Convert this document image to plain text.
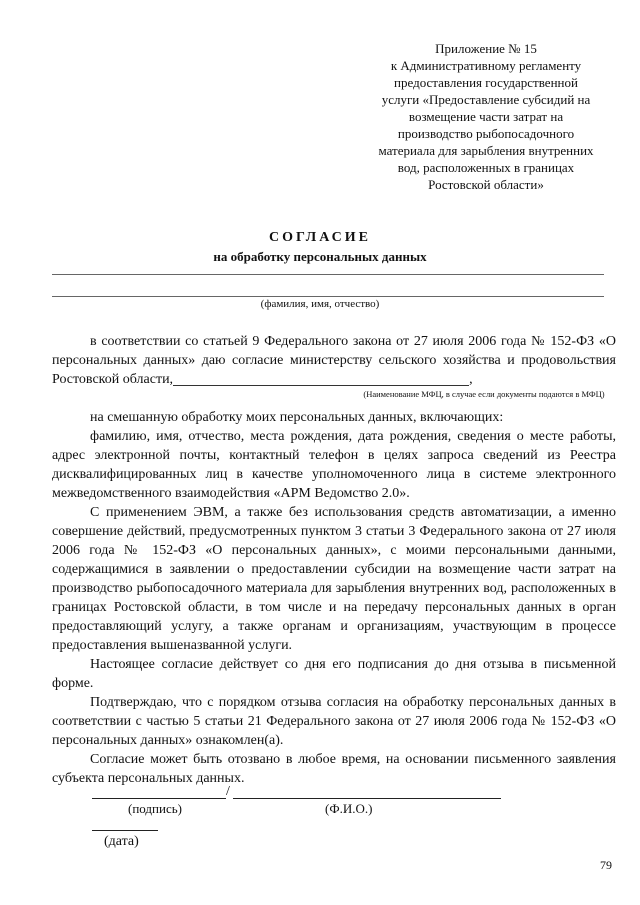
Приложение № 15
к Административному регламенту
предоставления государственной
услуги «Предоставление субсидий на
возмещение части затрат на
производство рыбопосадочного
материала для зарыбления внутренних
вод, расположенных в границах
Ростовской области»
СОГЛАСИЕ
на обработку персональных данных
(фамилия, имя, отчество)

в соответствии со статьей 9 Федерального закона от 27 июля 2006 года № 152-ФЗ «О персональных данных» даю согласие министерству сельского хозяйства и продовольствия Ростовской области,	,

(Наименование МФЦ, в случае если документы подаются в МФЦ)

на смешанную обработку моих персональных данных, включающих:

фамилию, имя, отчество, места рождения, дата рождения, сведения о месте работы, адрес электронной почты, контактный телефон в целях запроса сведений из Реестра дисквалифицированных лиц в качестве уполномоченного лица в системе электронного межведомственного взаимодействия «АРМ Ведомство 2.0».

С применением ЭВМ, а также без использования средств автоматизации, а именно совершение действий, предусмотренных пунктом 3 статьи 3 Федерального закона от 27 июля 2006 года № 152-ФЗ «О персональных данных», с моими персональными данными, содержащимися в заявлении о предоставлении субсидии на возмещение части затрат на производство рыбопосадочного материала для зарыбления внутренних вод, расположенных в границах Ростовской области, в том числе и на передачу персональных данных в орган предоставляющий услугу, а также органам и организациям, участвующим в процессе предоставления вышеназванной услуги.

Настоящее согласие действует со дня его подписания до дня отзыва в письменной форме.

Подтверждаю, что с порядком отзыва согласия на обработку персональных данных в соответствии с частью 5 статьи 21 Федерального закона от 27 июля 2006 года № 152-ФЗ «О персональных данных» ознакомлен(а).

Согласие может быть отозвано в любое время, на основании письменного заявления субъекта персональных данных.

/
(подпись)	(Ф.И.О.)
(дата)
79
